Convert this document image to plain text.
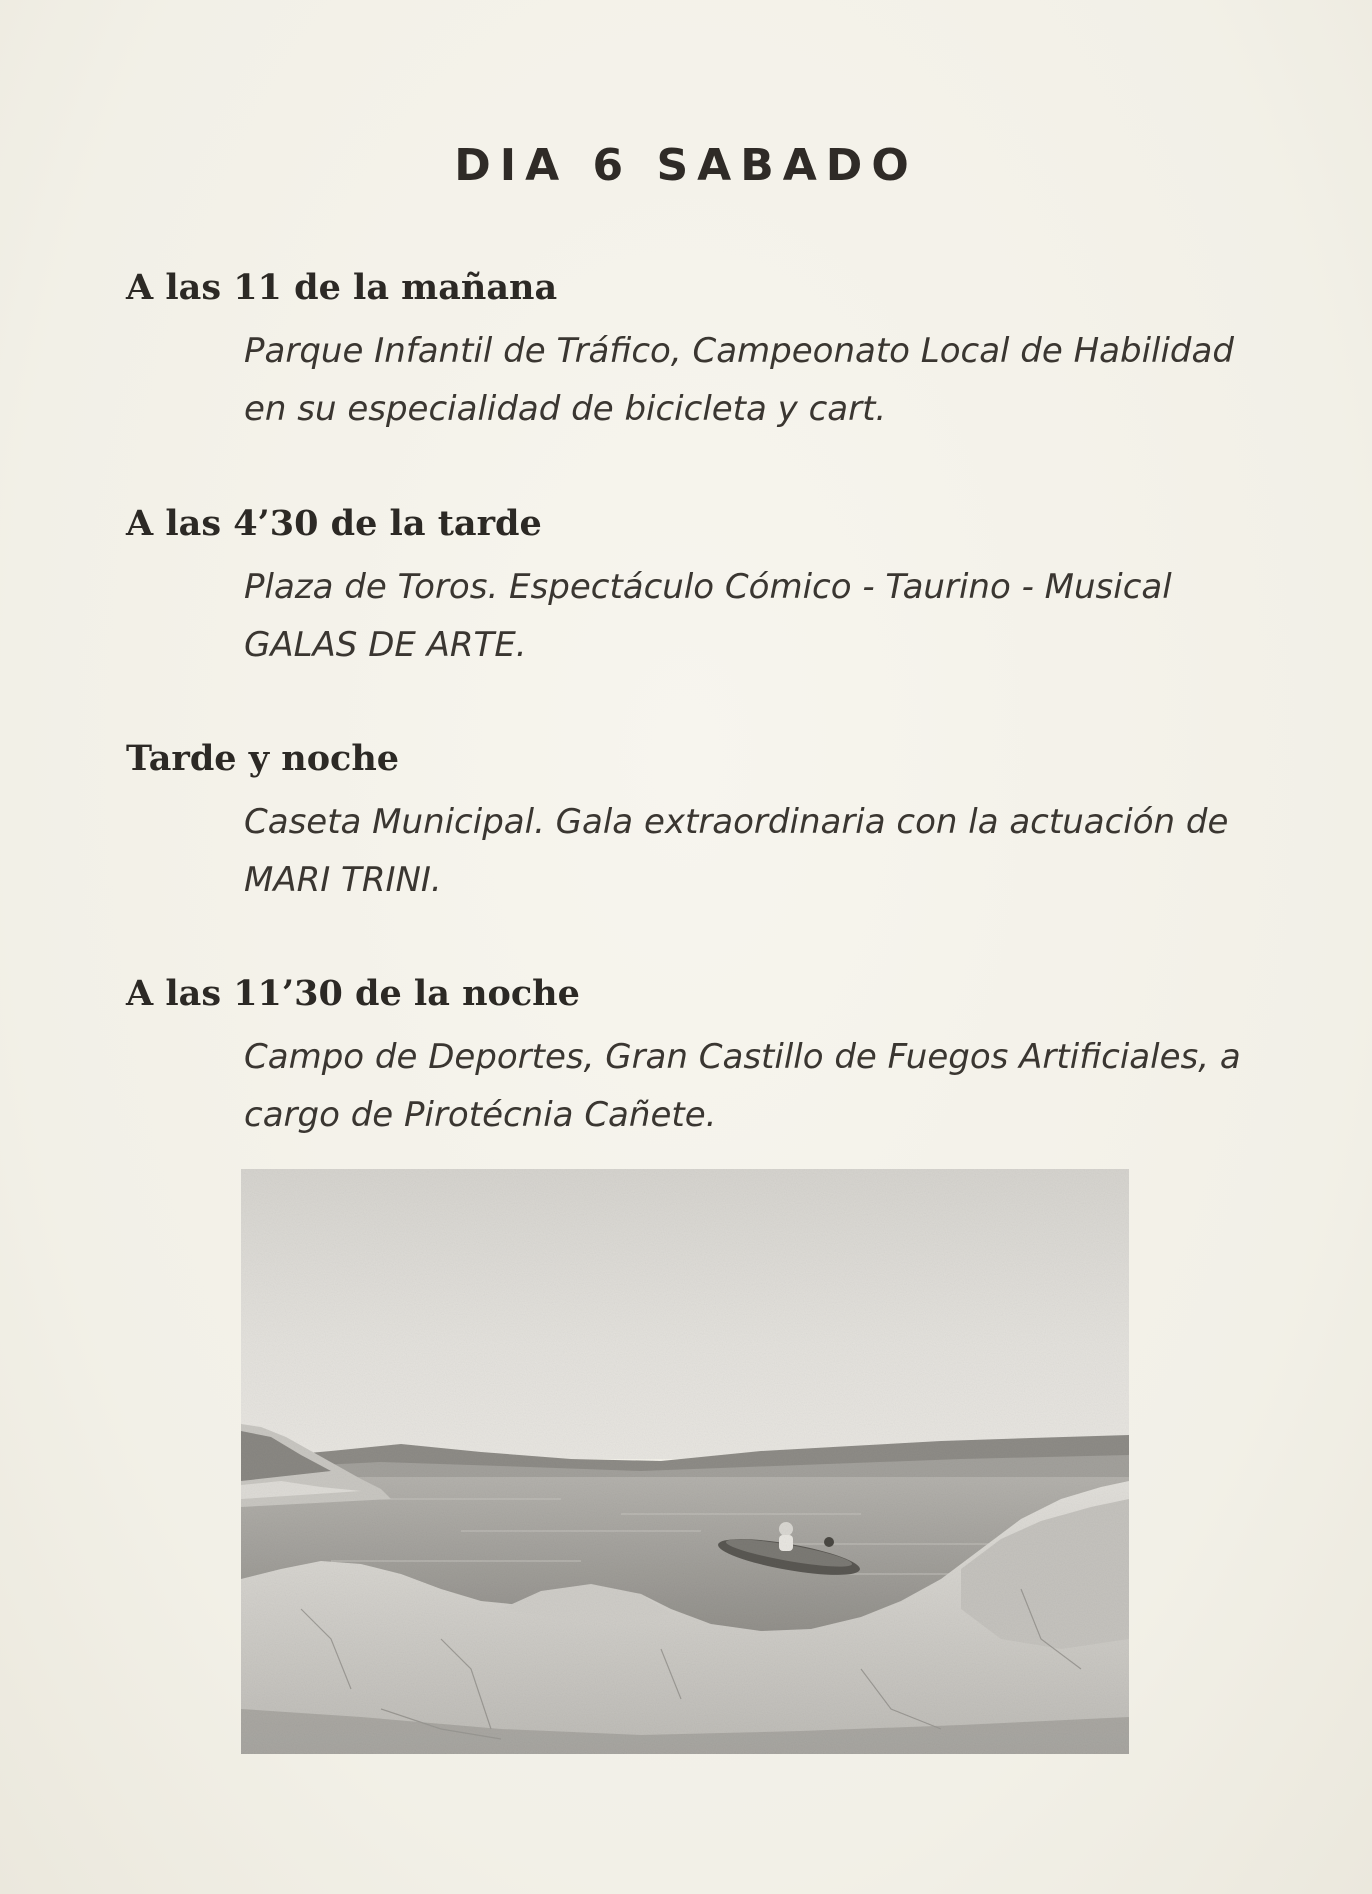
DIA 6 SABADO

A las 11 de la mañana

Parque Infantil de Tráfico, Campeonato Local de Habilidad
en su especialidad de bicicleta y cart.

A las 4’30 de la tarde

Plaza de Toros. Espectáculo Cómico - Taurino - Musical
GALAS DE ARTE.

Tarde y noche

Caseta Municipal. Gala extraordinaria con la actuación de
MARI TRINI.

A las 11’30 de la noche

Campo de Deportes, Gran Castillo de Fuegos Artificiales, a
cargo de Pirotécnia Cañete.
